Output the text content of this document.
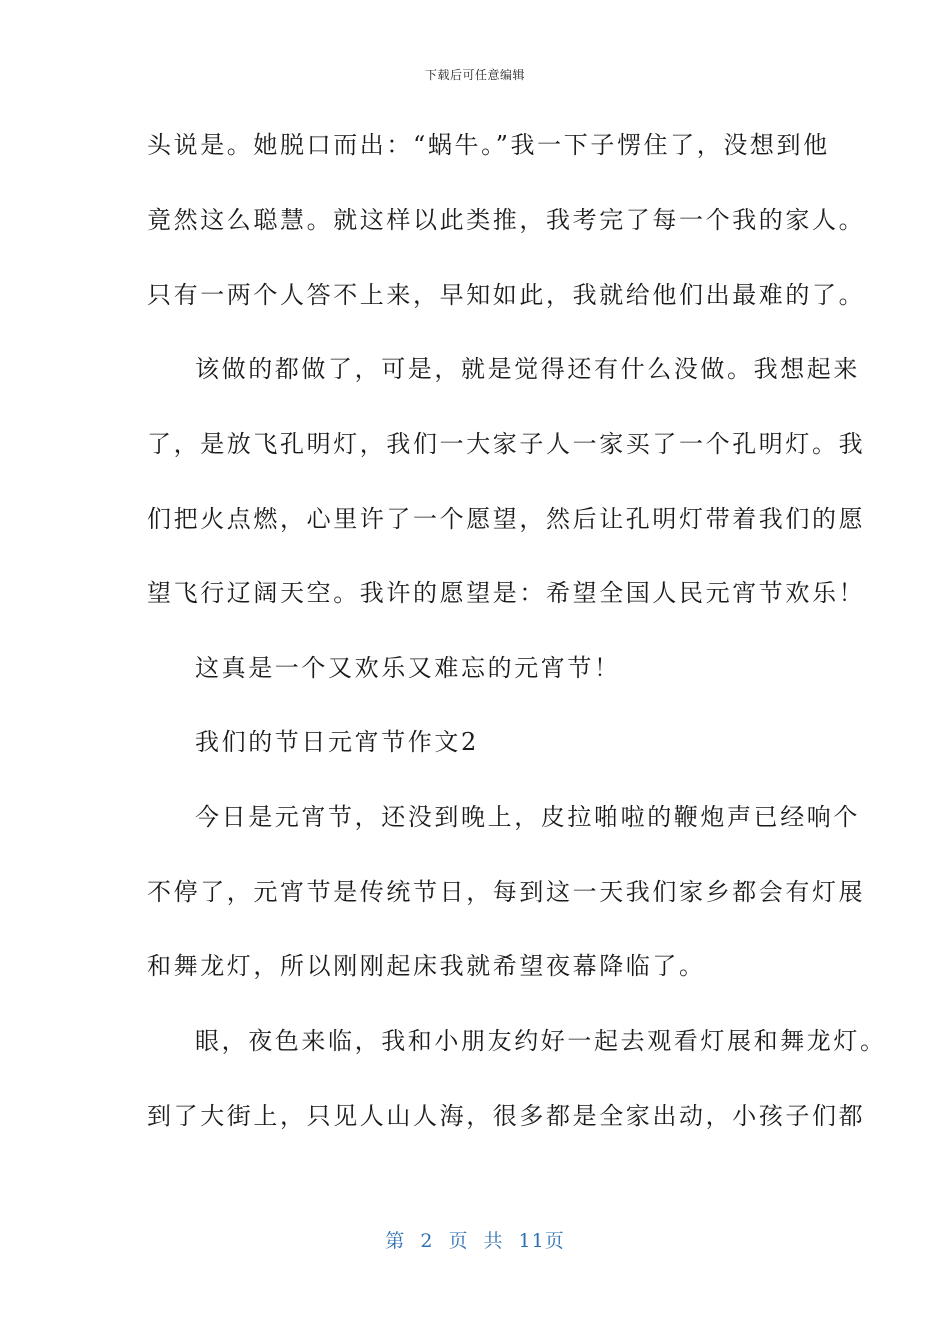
下载后可任意编辑
头说是。她脱口而出：“蜗牛。”我一下子愣住了，没想到他
竟然这么聪慧。就这样以此类推，我考完了每一个我的家人。
只有一两个人答不上来，早知如此，我就给他们出最难的了。
该做的都做了，可是，就是觉得还有什么没做。我想起来
了，是放飞孔明灯，我们一大家子人一家买了一个孔明灯。我
们把火点燃，心里许了一个愿望，然后让孔明灯带着我们的愿
望飞行辽阔天空。我许的愿望是：希望全国人民元宵节欢乐！
这真是一个又欢乐又难忘的元宵节！
我们的节日元宵节作文2
今日是元宵节，还没到晚上，皮拉啪啦的鞭炮声已经响个
不停了，元宵节是传统节日，每到这一天我们家乡都会有灯展
和舞龙灯，所以刚刚起床我就希望夜幕降临了。
眼，夜色来临，我和小朋友约好一起去观看灯展和舞龙灯。
到了大街上，只见人山人海，很多都是全家出动，小孩子们都
第 2 页 共 11页
